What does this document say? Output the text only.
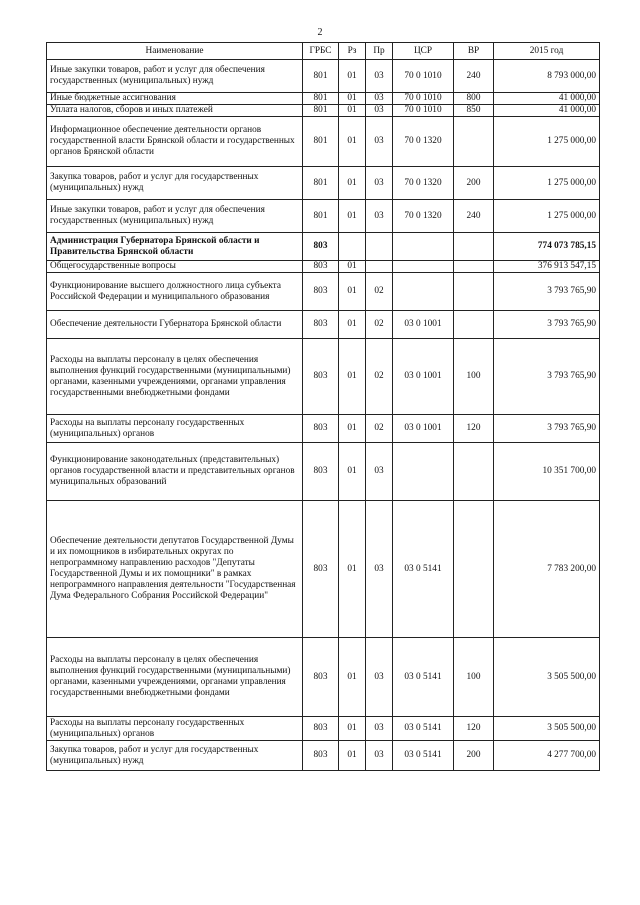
2
Наименование	ГРБС	Рз	Пр	ЦСР	ВР	2015 год
Иные закупки товаров, работ и услуг для обеспечения государственных (муниципальных) нужд	801	01	03	70 0 1010	240	8 793 000,00
Иные бюджетные ассигнования	801	01	03	70 0 1010	800	41 000,00
Уплата налогов, сборов и иных платежей	801	01	03	70 0 1010	850	41 000,00
Информационное обеспечение деятельности органов государственной власти Брянской области и государственных органов Брянской области	801	01	03	70 0 1320		1 275 000,00
Закупка товаров, работ и услуг для государственных (муниципальных) нужд	801	01	03	70 0 1320	200	1 275 000,00
Иные закупки товаров, работ и услуг для обеспечения государственных (муниципальных) нужд	801	01	03	70 0 1320	240	1 275 000,00
Администрация Губернатора Брянской области и Правительства Брянской области	803					774 073 785,15
Общегосударственные вопросы	803	01				376 913 547,15
Функционирование высшего должностного лица субъекта Российской Федерации и муниципального образования	803	01	02			3 793 765,90
Обеспечение деятельности Губернатора Брянской области	803	01	02	03 0 1001		3 793 765,90
Расходы на выплаты персоналу в целях обеспечения выполнения функций государственными (муниципальными) органами, казенными учреждениями, органами управления государственными внебюджетными фондами	803	01	02	03 0 1001	100	3 793 765,90
Расходы на выплаты персоналу государственных (муниципальных) органов	803	01	02	03 0 1001	120	3 793 765,90
Функционирование законодательных (представительных) органов государственной власти и представительных органов муниципальных образований	803	01	03			10 351 700,00
Обеспечение деятельности депутатов Государственной Думы и их помощников в избирательных округах по непрограммному направлению расходов "Депутаты Государственной Думы и их помощники" в рамках непрограммного направления деятельности "Государственная Дума Федерального Собрания Российской Федерации"	803	01	03	03 0 5141		7 783 200,00
Расходы на выплаты персоналу в целях обеспечения выполнения функций государственными (муниципальными) органами, казенными учреждениями, органами управления государственными внебюджетными фондами	803	01	03	03 0 5141	100	3 505 500,00
Расходы на выплаты персоналу государственных (муниципальных) органов	803	01	03	03 0 5141	120	3 505 500,00
Закупка товаров, работ и услуг для государственных (муниципальных) нужд	803	01	03	03 0 5141	200	4 277 700,00
